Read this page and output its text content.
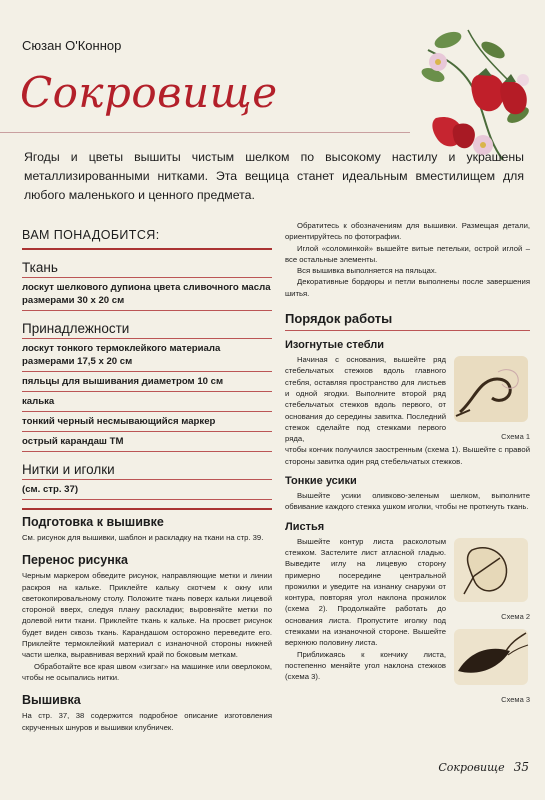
Сюзан О'Коннор
Сокровище
Ягоды и цветы вышиты чистым шелком по высокому настилу и украшены металлизированными нитками. Эта вещица станет идеальным вместилищем для любого маленького и ценного предмета.
ВАМ ПОНАДОБИТСЯ:
Ткань
лоскут шелкового дупиона цвета сливочного масла размерами 30 x 20 см
Принадлежности
лоскут тонкого термоклейкого материала размерами 17,5 x 20 см
пяльцы для вышивания диаметром 10 см
калька
тонкий черный несмывающийся маркер
острый карандаш ТМ
Нитки и иголки
(см. стр. 37)
Подготовка к вышивке

См. рисунок для вышивки, шаблон и раскладку на ткани на стр. 39.

Перенос рисунка

Черным маркером обведите рисунок, направляющие метки и линии раскроя на кальке. Приклейте кальку скотчем к окну или светокопировальному столу. Положите ткань поверх кальки лицевой стороной вверх, следуя плану раскладки; выровняйте метки по долевой нити ткани. Приклейте ткань к кальке. На просвет рисунок будет виден сквозь ткань. Карандашом осторожно переведите его. Приклейте термоклейкий материал с изнаночной стороны нижней части шелка, выравнивая верхний край по боковым меткам.

Обработайте все края швом «зигзаг» на машинке или оверлоком, чтобы не осыпались нитки.

Вышивка

На стр. 37, 38 содержится подробное описание изготовления скрученных шнуров и вышивки клубничек.

Обратитесь к обозначениям для вышивки. Размещая детали, ориентируйтесь по фотографии.

Иглой «соломинкой» вышейте витые петельки, острой иглой – все остальные элементы.

Вся вышивка выполняется на пяльцах.

Декоративные бордюры и петли выполнены после завершения шитья.

Порядок работы
Изогнутые стебли

Начиная с основания, вышейте ряд стебельчатых стежков вдоль главного стебля, оставляя пространство для листьев и одной ягодки. Выполните второй ряд стебельчатых стежков вдоль первого, от основания до середины завитка. Последний стежок сделайте под стежками первого ряда,	Схема 1

чтобы кончик получился заостренным (схема 1). Вышейте с правой стороны завитка один ряд стебельчатых стежков.

Тонкие усики

Вышейте усики оливково-зеленым шелком, выполните обвивание каждого стежка ушком иголки, чтобы не проткнуть ткань.

Листья

Вышейте контур листа расколотым стежком. Застелите лист атласной гладью. Выведите иглу на лицевую сторону примерно посередине центральной прожилки и уведите на изнанку снаружи от контура, повторяя угол наклона прожилок (схема 2). Продолжайте работать до основания листа. Пропустите иголку под стежками на изнаночной стороне. Вышейте верхнюю половину листа.

Приближаясь к кончику листа, постепенно меняйте угол наклона стежков (схема 3).

Схема 2
Схема 3
Сокровище 35
